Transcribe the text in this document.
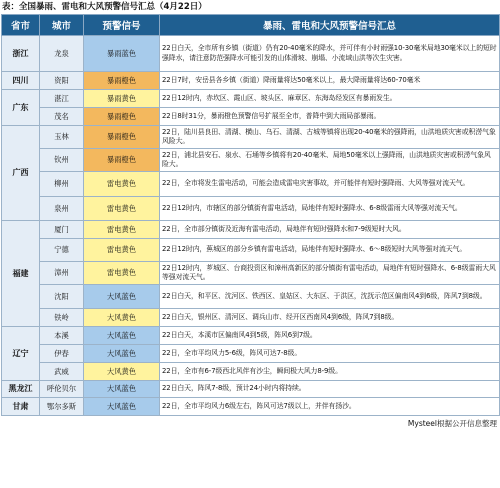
表：全国暴雨、雷电和大风预警信号汇总（4月22日）
省市	城市	预警信号	暴雨、雷电和大风预警信号汇总
浙江	龙泉	暴雨蓝色	22日白天，全市所有乡镇（街道）仍有20-40毫米的降水，并可伴有小时雨强10-30毫米局地30毫米以上的短时强降水，请注意防范强降水可能引发的山体滑坡、崩塌、小流域山洪等次生灾害。
四川	资阳	暴雨橙色	22日7时，安岳县各乡镇（街道）降雨量将达50毫米以上，最大降雨量将达60-70毫米
广东	湛江	暴雨黄色	22日12时内，赤坎区、霞山区、坡头区、麻章区、东海岛经发区有暴雨发生。
	茂名	暴雨橙色	22日8时31分，暴雨橙色预警信号扩展至全市，普降中到大雨局部暴雨。
广西	玉林	暴雨橙色	22日，陆川县良田、清湖、横山、乌石、清湖、古城等镇将出现20-40毫米的强降雨，山洪地质灾害或积涝气象风险大。
	钦州	暴雨橙色	22日，浦北县安石、泉水、石埇等乡镇将有20-40毫米、局地50毫米以上强降雨，山洪地质灾害或积涝气象风险大。
	柳州	雷电黄色	22日，全市将发生雷电活动，可能会造成雷电灾害事故，并可能伴有短时强降雨、大风等强对流天气。
	泉州	雷电黄色	22日12时内，市辖区的部分镇街有雷电活动，局地伴有短时强降水、6-8级雷雨大风等强对流天气。
福建	厦门	雷电黄色	22日，全市部分镇街及近海有雷电活动，局地伴有短时强降水和7-9级短时大风。
	宁德	雷电黄色	22日12时内，蕉城区的部分乡镇有雷电活动，局地伴有短时强降水、6～8级短时大风等强对流天气。
	漳州	雷电黄色	22日12时内，芗城区、台商投资区和漳州高新区的部分镇街有雷电活动，局地伴有短时强降水、6-8级雷雨大风等强对流天气。
	沈阳	大风蓝色	22日白天，和平区、沈河区、铁西区、皇姑区、大东区、于洪区，沈抚示范区偏南风4到6级，阵风7到8级。
	铁岭	大风黄色	22日白天，银州区、清河区、调兵山市、经开区西南风4到6级，阵风7到8级。
辽宁	本溪	大风蓝色	22日白天，本溪市区偏南风4到5级，阵风6到7级。
	伊春	大风蓝色	22日，全市平均风力5-6级，阵风可达7-8级。
	武威	大风黄色	22日，全市有6-7级西北风伴有沙尘，瞬间极大风力8-9级。
黑龙江	呼伦贝尔	大风蓝色	22日白天，阵风7-8级，预计24小时内将持续。
甘肃	鄂尔多斯	大风蓝色	22日，全市平均风力6级左右，阵风可达7级以上，并伴有扬沙。
Mysteel根据公开信息整理
